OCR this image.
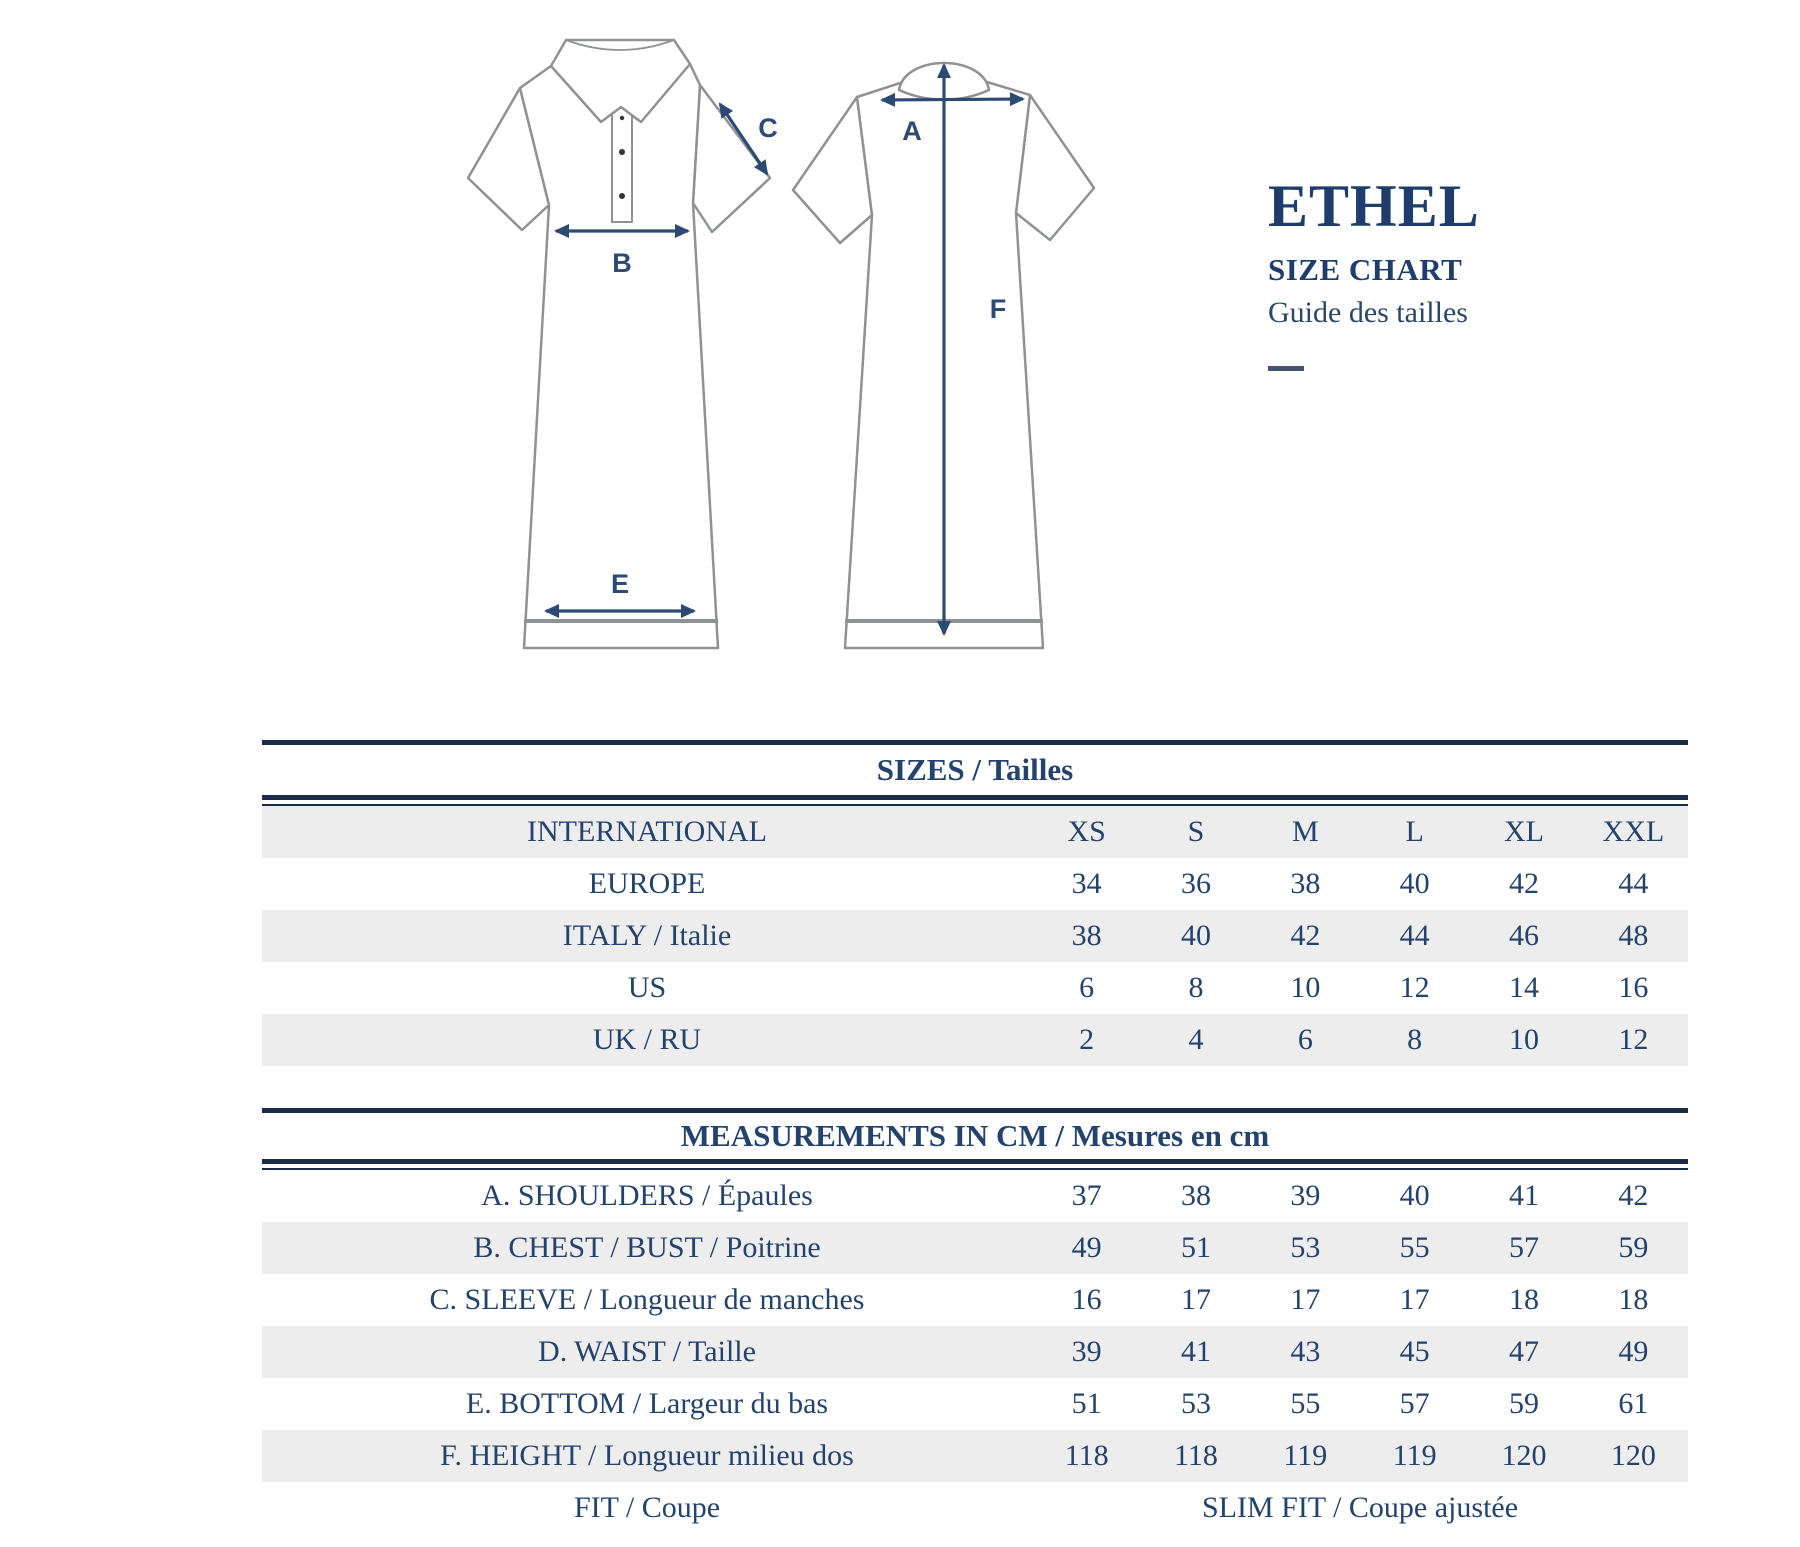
B
C
E
A
F
ETHEL
SIZE CHART
Guide des tailles
SIZES / Tailles
INTERNATIONAL	XS	S	M	L	XL	XXL
EUROPE	34	36	38	40	42	44
ITALY / Italie	38	40	42	44	46	48
US	6	8	10	12	14	16
UK / RU	2	4	6	8	10	12
MEASUREMENTS IN CM / Mesures en cm
A. SHOULDERS / Épaules	37	38	39	40	41	42
B. CHEST / BUST / Poitrine	49	51	53	55	57	59
C. SLEEVE / Longueur de manches	16	17	17	17	18	18
D. WAIST / Taille	39	41	43	45	47	49
E. BOTTOM / Largeur du bas	51	53	55	57	59	61
F. HEIGHT / Longueur milieu dos	118	118	119	119	120	120
FIT / Coupe	SLIM FIT / Coupe ajustée
